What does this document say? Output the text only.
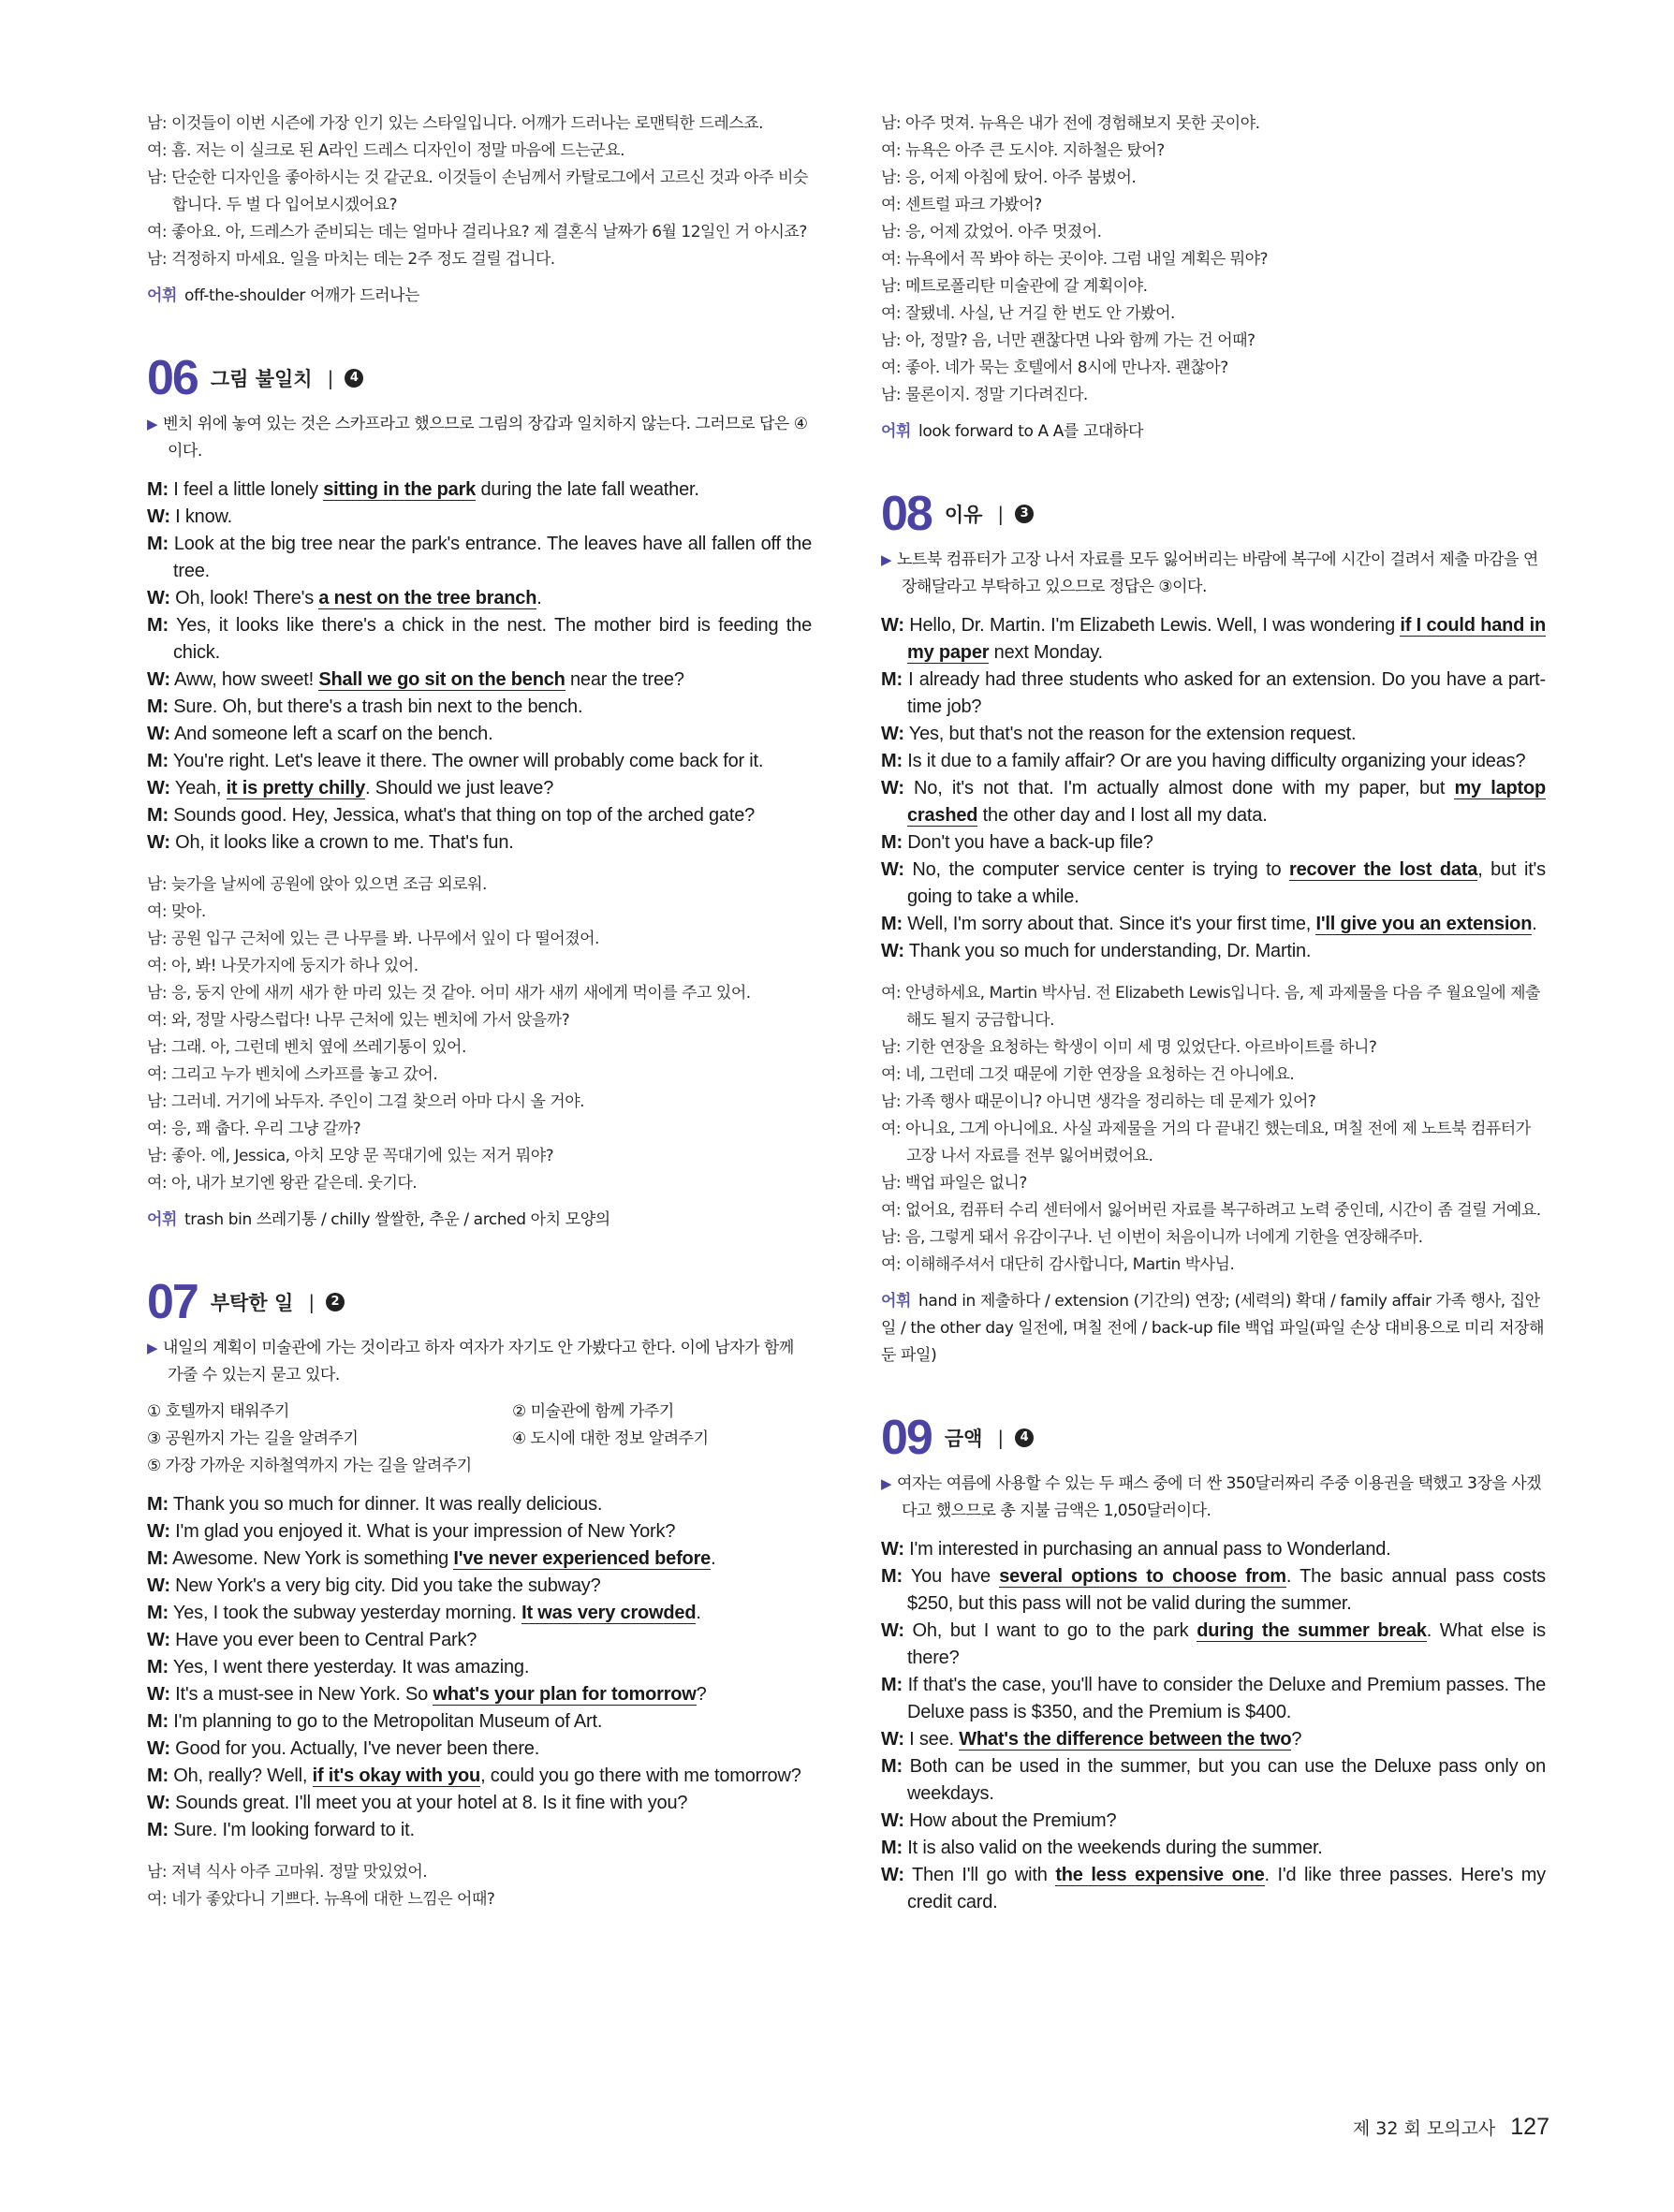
남: 이것들이 이번 시즌에 가장 인기 있는 스타일입니다. 어깨가 드러나는 로맨틱한 드레스죠.
여: 흠. 저는 이 실크로 된 A라인 드레스 디자인이 정말 마음에 드는군요.
남: 단순한 디자인을 좋아하시는 것 같군요. 이것들이 손님께서 카탈로그에서 고르신 것과 아주 비슷합니다. 두 벌 다 입어보시겠어요?
여: 좋아요. 아, 드레스가 준비되는 데는 얼마나 걸리나요? 제 결혼식 날짜가 6월 12일인 거 아시죠?
남: 걱정하지 마세요. 일을 마치는 데는 2주 정도 걸릴 겁니다.
어휘 off-the-shoulder 어깨가 드러나는
06 그림 불일치 |	4
▶ 벤치 위에 놓여 있는 것은 스카프라고 했으므로 그림의 장갑과 일치하지 않는다. 그러므로 답은 ④이다.
M: I feel a little lonely sitting in the park during the late fall weather.
W: I know.
M: Look at the big tree near the park's entrance. The leaves have all fallen off the tree.
W: Oh, look! There's a nest on the tree branch.
M: Yes, it looks like there's a chick in the nest. The mother bird is feeding the chick.
W: Aww, how sweet! Shall we go sit on the bench near the tree?
M: Sure. Oh, but there's a trash bin next to the bench.
W: And someone left a scarf on the bench.
M: You're right. Let's leave it there. The owner will probably come back for it.
W: Yeah, it is pretty chilly. Should we just leave?
M: Sounds good. Hey, Jessica, what's that thing on top of the arched gate?
W: Oh, it looks like a crown to me. That's fun.
남: 늦가을 날씨에 공원에 앉아 있으면 조금 외로워.
여: 맞아.
남: 공원 입구 근처에 있는 큰 나무를 봐. 나무에서 잎이 다 떨어졌어.
여: 아, 봐! 나뭇가지에 둥지가 하나 있어.
남: 응, 둥지 안에 새끼 새가 한 마리 있는 것 같아. 어미 새가 새끼 새에게 먹이를 주고 있어.
여: 와, 정말 사랑스럽다! 나무 근처에 있는 벤치에 가서 앉을까?
남: 그래. 아, 그런데 벤치 옆에 쓰레기통이 있어.
여: 그리고 누가 벤치에 스카프를 놓고 갔어.
남: 그러네. 거기에 놔두자. 주인이 그걸 찾으러 아마 다시 올 거야.
여: 응, 꽤 춥다. 우리 그냥 갈까?
남: 좋아. 에, Jessica, 아치 모양 문 꼭대기에 있는 저거 뭐야?
여: 아, 내가 보기엔 왕관 같은데. 웃기다.
어휘 trash bin 쓰레기통 / chilly 쌀쌀한, 추운 / arched 아치 모양의
07 부탁한 일 |	2
▶ 내일의 계획이 미술관에 가는 것이라고 하자 여자가 자기도 안 가봤다고 한다. 이에 남자가 함께 가줄 수 있는지 묻고 있다.
① 호텔까지 태워주기	② 미술관에 함께 가주기
③ 공원까지 가는 길을 알려주기	④ 도시에 대한 정보 알려주기
⑤ 가장 가까운 지하철역까지 가는 길을 알려주기
M: Thank you so much for dinner. It was really delicious.
W: I'm glad you enjoyed it. What is your impression of New York?
M: Awesome. New York is something I've never experienced before.
W: New York's a very big city. Did you take the subway?
M: Yes, I took the subway yesterday morning. It was very crowded.
W: Have you ever been to Central Park?
M: Yes, I went there yesterday. It was amazing.
W: It's a must-see in New York. So what's your plan for tomorrow?
M: I'm planning to go to the Metropolitan Museum of Art.
W: Good for you. Actually, I've never been there.
M: Oh, really? Well, if it's okay with you, could you go there with me tomorrow?
W: Sounds great. I'll meet you at your hotel at 8. Is it fine with you?
M: Sure. I'm looking forward to it.
남: 저녁 식사 아주 고마워. 정말 맛있었어.
여: 네가 좋았다니 기쁘다. 뉴욕에 대한 느낌은 어때?
남: 아주 멋져. 뉴욕은 내가 전에 경험해보지 못한 곳이야.
여: 뉴욕은 아주 큰 도시야. 지하철은 탔어?
남: 응, 어제 아침에 탔어. 아주 붐볐어.
여: 센트럴 파크 가봤어?
남: 응, 어제 갔었어. 아주 멋졌어.
여: 뉴욕에서 꼭 봐야 하는 곳이야. 그럼 내일 계획은 뭐야?
남: 메트로폴리탄 미술관에 갈 계획이야.
여: 잘됐네. 사실, 난 거길 한 번도 안 가봤어.
남: 아, 정말? 음, 너만 괜찮다면 나와 함께 가는 건 어때?
여: 좋아. 네가 묵는 호텔에서 8시에 만나자. 괜찮아?
남: 물론이지. 정말 기다려진다.
어휘 look forward to A A를 고대하다
08 이유 |	3
▶ 노트북 컴퓨터가 고장 나서 자료를 모두 잃어버리는 바람에 복구에 시간이 걸려서 제출 마감을 연장해달라고 부탁하고 있으므로 정답은 ③이다.
W: Hello, Dr. Martin. I'm Elizabeth Lewis. Well, I was wondering if I could hand in my paper next Monday.
M: I already had three students who asked for an extension. Do you have a part-time job?
W: Yes, but that's not the reason for the extension request.
M: Is it due to a family affair? Or are you having difficulty organizing your ideas?
W: No, it's not that. I'm actually almost done with my paper, but my laptop crashed the other day and I lost all my data.
M: Don't you have a back-up file?
W: No, the computer service center is trying to recover the lost data, but it's going to take a while.
M: Well, I'm sorry about that. Since it's your first time, I'll give you an extension.
W: Thank you so much for understanding, Dr. Martin.
여: 안녕하세요, Martin 박사님. 전 Elizabeth Lewis입니다. 음, 제 과제물을 다음 주 월요일에 제출해도 될지 궁금합니다.
남: 기한 연장을 요청하는 학생이 이미 세 명 있었단다. 아르바이트를 하니?
여: 네, 그런데 그것 때문에 기한 연장을 요청하는 건 아니에요.
남: 가족 행사 때문이니? 아니면 생각을 정리하는 데 문제가 있어?
여: 아니요, 그게 아니에요. 사실 과제물을 거의 다 끝내긴 했는데요, 며칠 전에 제 노트북 컴퓨터가 고장 나서 자료를 전부 잃어버렸어요.
남: 백업 파일은 없니?
여: 없어요, 컴퓨터 수리 센터에서 잃어버린 자료를 복구하려고 노력 중인데, 시간이 좀 걸릴 거예요.
남: 음, 그렇게 돼서 유감이구나. 넌 이번이 처음이니까 너에게 기한을 연장해주마.
여: 이해해주셔서 대단히 감사합니다, Martin 박사님.
어휘 hand in 제출하다 / extension (기간의) 연장; (세력의) 확대 / family affair 가족 행사, 집안일 / the other day 일전에, 며칠 전에 / back-up file 백업 파일(파일 손상 대비용으로 미리 저장해둔 파일)
09 금액 |	4
▶ 여자는 여름에 사용할 수 있는 두 패스 중에 더 싼 350달러짜리 주중 이용권을 택했고 3장을 사겠다고 했으므로 총 지불 금액은 1,050달러이다.
W: I'm interested in purchasing an annual pass to Wonderland.
M: You have several options to choose from. The basic annual pass costs $250, but this pass will not be valid during the summer.
W: Oh, but I want to go to the park during the summer break. What else is there?
M: If that's the case, you'll have to consider the Deluxe and Premium passes. The Deluxe pass is $350, and the Premium is $400.
W: I see. What's the difference between the two?
M: Both can be used in the summer, but you can use the Deluxe pass only on weekdays.
W: How about the Premium?
M: It is also valid on the weekends during the summer.
W: Then I'll go with the less expensive one. I'd like three passes. Here's my credit card.
제 32 회 모의고사 127
